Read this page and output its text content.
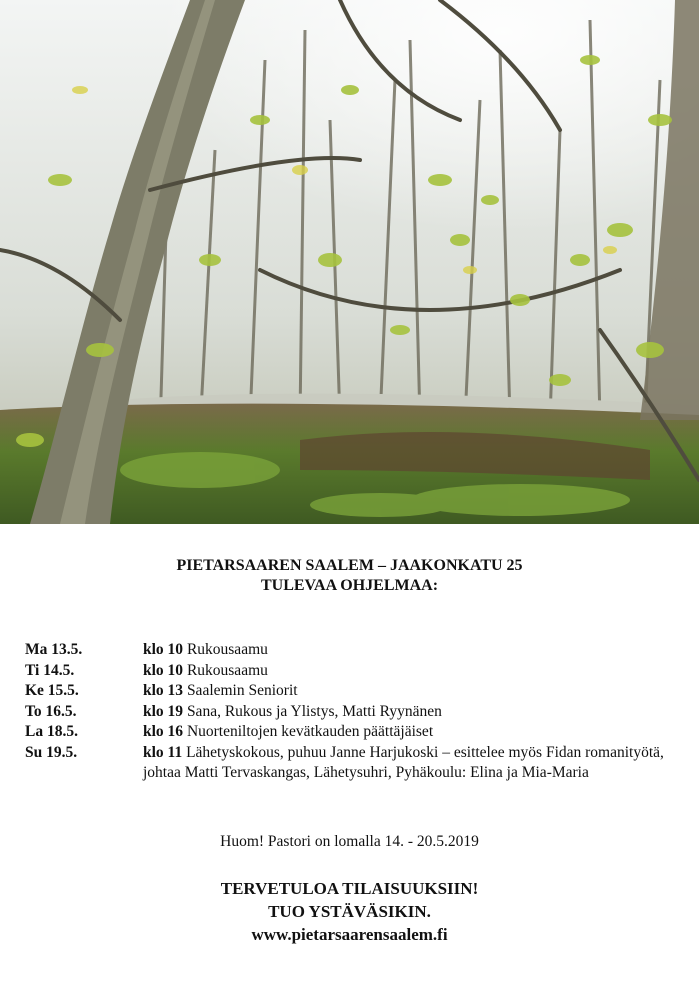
PIETARSAAREN SAALEM – JAAKONKATU 25
TULEVAA OHJELMAA:
Ma 13.5.	klo 10 Rukousaamu
Ti 14.5.	klo 10 Rukousaamu
Ke 15.5.	klo 13 Saalemin Seniorit
To 16.5.	klo 19 Sana, Rukous ja Ylistys, Matti Ryynänen
La 18.5.	klo 16 Nuorteniltojen kevätkauden päättäjäiset
Su 19.5.	klo 11 Lähetyskokous, puhuu Janne Harjukoski – esittelee myös Fidan romanityötä, johtaa Matti Tervaskangas, Lähetysuhri, Pyhäkoulu: Elina ja Mia-Maria
Huom! Pastori on lomalla 14. - 20.5.2019
TERVETULOA TILAISUUKSIIN!
TUO YSTÄVÄSIKIN.
www.pietarsaarensaalem.fi
